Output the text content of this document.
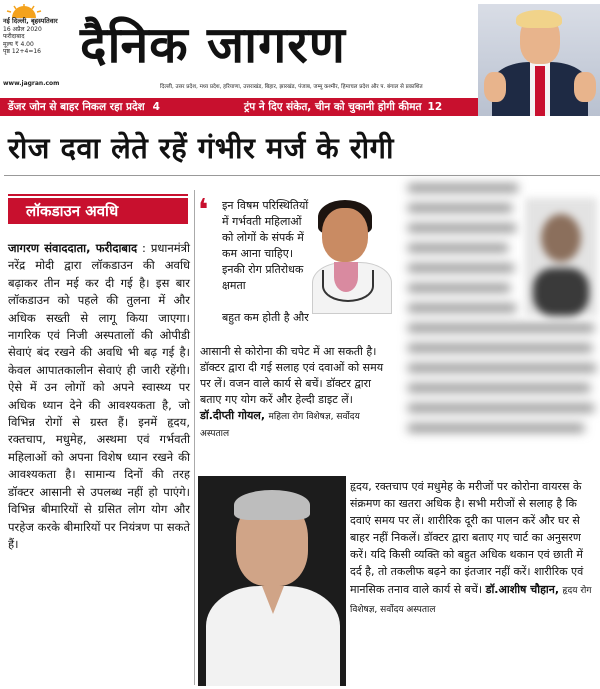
नई दिल्ली, बृहस्पतिवार
16 अप्रैल 2020
फरीदाबाद
मूल्य ₹ 4.00
पृष्ठ 12+4=16
www.jagran.com
दैनिक जागरण
दिल्ली, उत्तर प्रदेश, मध्य प्रदेश, हरियाणा, उत्तराखंड, बिहार, झारखंड, पंजाब, जम्मू कश्मीर, हिमाचल प्रदेश और प. बंगाल से प्रकाशित
डेंजर जोन से बाहर निकल रहा प्रदेश 4	ट्रंप ने दिए संकेत, चीन को चुकानी होगी कीमत 12
रोज दवा लेते रहें गंभीर मर्ज के रोगी
लॉकडाउन अवधि
जागरण संवाददाता, फरीदाबाद : प्रधानमंत्री नरेंद्र मोदी द्वारा लॉकडाउन की अवधि बढ़ाकर तीन मई कर दी गई है। इस बार लॉकडाउन को पहले की तुलना में और अधिक सख्ती से लागू किया जाएगा। नागरिक एवं निजी अस्पतालों की ओपीडी सेवाएं बंद रखने की अवधि भी बढ़ गई है। केवल आपातकालीन सेवाएं ही जारी रहेंगी। ऐसे में उन लोगों को अपने स्वास्थ्य पर अधिक ध्यान देने की आवश्यकता है, जो विभिन्न रोगों से ग्रस्त हैं। इनमें हृदय, रक्तचाप, मधुमेह, अस्थमा एवं गर्भवती महिलाओं को अपना विशेष ध्यान रखने की आवश्यकता है। सामान्य दिनों की तरह डॉक्टर आसानी से उपलब्ध नहीं हो पाएंगे। विभिन्न बीमारियों से ग्रसित लोग योग और परहेज करके बीमारियों पर नियंत्रण पा सकते हैं।
❛ इन विषम परिस्थितियों में गर्भवती महिलाओं को लोगों के संपर्क में कम आना चाहिए। इनकी रोग प्रतिरोधक क्षमता
बहुत कम होती है और
आसानी से कोरोना की चपेट में आ सकती है। डॉक्टर द्वारा दी गई सलाह एवं दवाओं को समय पर लें। वजन वाले कार्य से बचें। डॉक्टर द्वारा बताए गए योग करें और हेल्दी डाइट लें। डॉ.दीप्ती गोयल, महिला रोग विशेषज्ञ, सर्वोदय अस्पताल
हृदय, रक्तचाप एवं मधुमेह के मरीजों पर कोरोना वायरस के संक्रमण का खतरा अधिक है। सभी मरीजों से सलाह है कि दवाएं समय पर लें। शारीरिक दूरी का पालन करें और घर से बाहर नहीं निकलें। डॉक्टर द्वारा बताए गए चार्ट का अनुसरण करें। यदि किसी व्यक्ति को बहुत अधिक थकान एवं छाती में दर्द है, तो तकलीफ बढ़ने का इंतजार नहीं करें। शारीरिक एवं मानसिक तनाव वाले कार्य से बचें। डॉ.आशीष चौहान, हृदय रोग विशेषज्ञ, सर्वोदय अस्पताल
